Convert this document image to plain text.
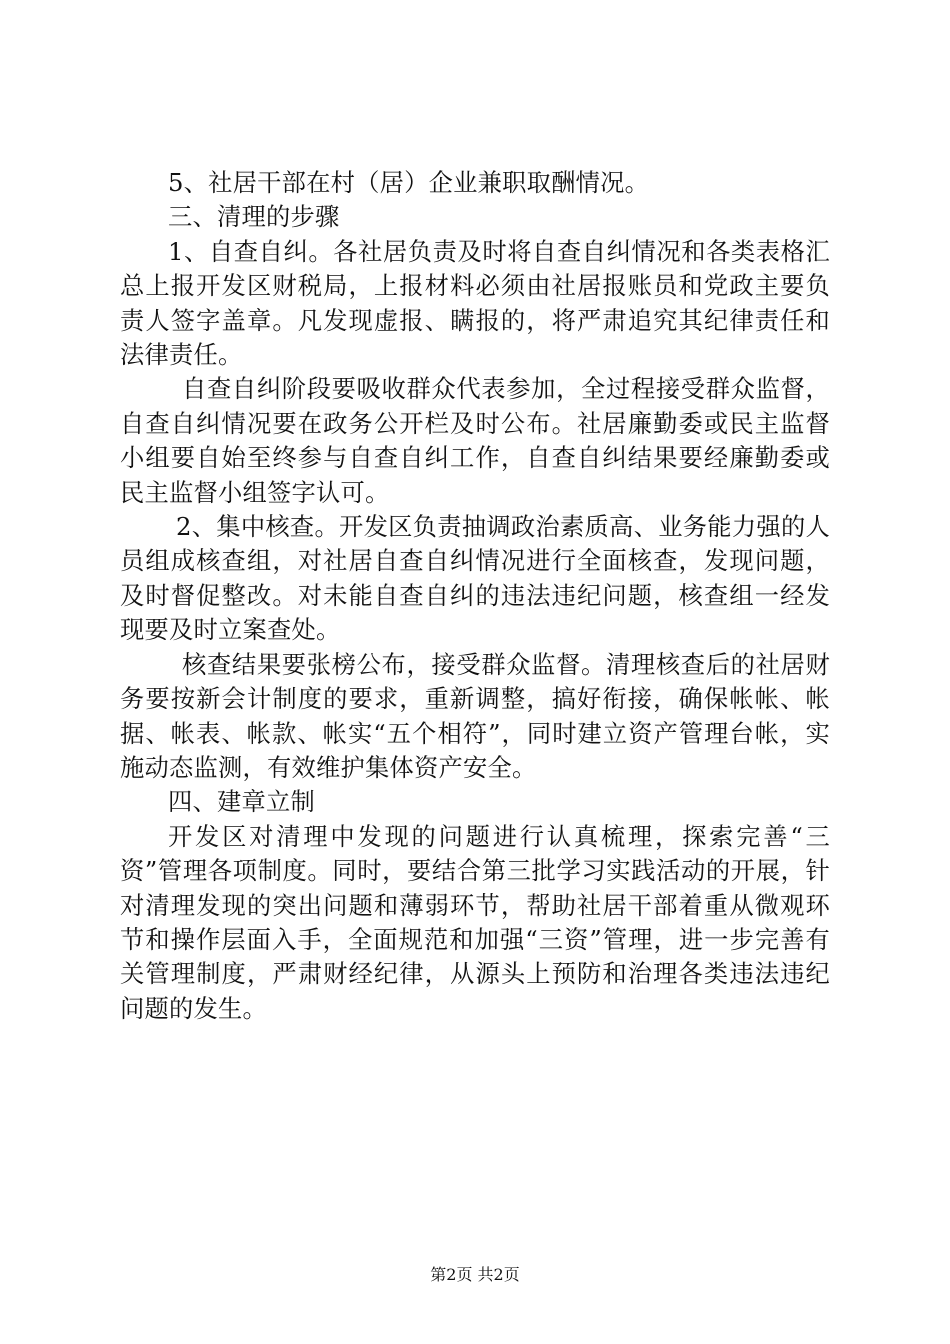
5、社居干部在村（居）企业兼职取酬情况。

三、清理的步骤

1、自查自纠。各社居负责及时将自查自纠情况和各类表格汇总上报开发区财税局，上报材料必须由社居报账员和党政主要负责人签字盖章。凡发现虚报、瞒报的，将严肃追究其纪律责任和法律责任。

自查自纠阶段要吸收群众代表参加，全过程接受群众监督，自查自纠情况要在政务公开栏及时公布。社居廉勤委或民主监督小组要自始至终参与自查自纠工作，自查自纠结果要经廉勤委或民主监督小组签字认可。

2、集中核查。开发区负责抽调政治素质高、业务能力强的人员组成核查组，对社居自查自纠情况进行全面核查，发现问题，及时督促整改。对未能自查自纠的违法违纪问题，核查组一经发现要及时立案查处。

核查结果要张榜公布，接受群众监督。清理核查后的社居财务要按新会计制度的要求，重新调整，搞好衔接，确保帐帐、帐据、帐表、帐款、帐实“五个相符”，同时建立资产管理台帐，实施动态监测，有效维护集体资产安全。

四、建章立制

开发区对清理中发现的问题进行认真梳理，探索完善“三资”管理各项制度。同时，要结合第三批学习实践活动的开展，针对清理发现的突出问题和薄弱环节，帮助社居干部着重从微观环节和操作层面入手，全面规范和加强“三资”管理，进一步完善有关管理制度，严肃财经纪律，从源头上预防和治理各类违法违纪问题的发生。

第2页 共2页
